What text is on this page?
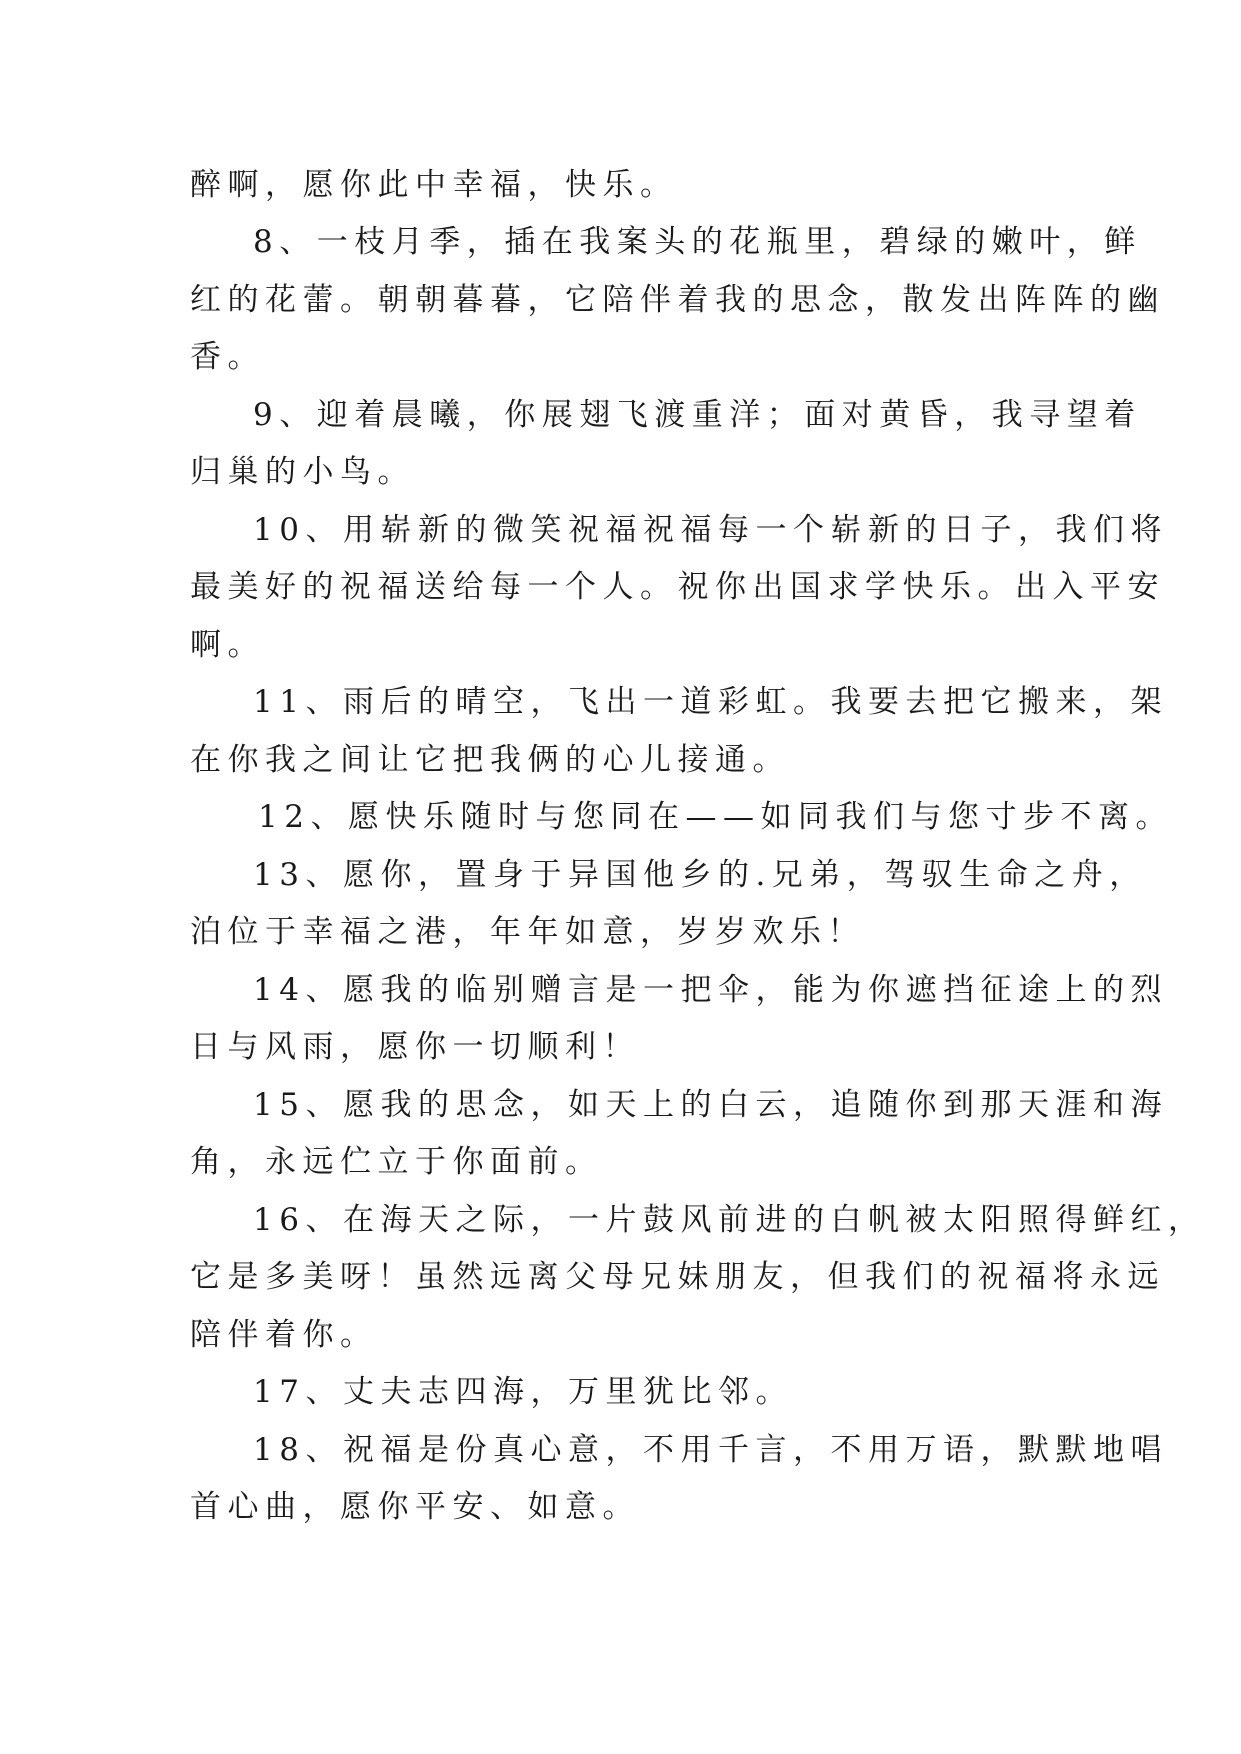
醉啊，愿你此中幸福，快乐。
8、一枝月季，插在我案头的花瓶里，碧绿的嫩叶，鲜
红的花蕾。朝朝暮暮，它陪伴着我的思念，散发出阵阵的幽
香。
9、迎着晨曦，你展翅飞渡重洋；面对黄昏，我寻望着
归巢的小鸟。
10、用崭新的微笑祝福祝福每一个崭新的日子，我们将
最美好的祝福送给每一个人。祝你出国求学快乐。出入平安
啊。
11、雨后的晴空，飞出一道彩虹。我要去把它搬来，架
在你我之间让它把我俩的心儿接通。
12、愿快乐随时与您同在——如同我们与您寸步不离。
13、愿你，置身于异国他乡的.兄弟，驾驭生命之舟，
泊位于幸福之港，年年如意，岁岁欢乐！
14、愿我的临别赠言是一把伞，能为你遮挡征途上的烈
日与风雨，愿你一切顺利！
15、愿我的思念，如天上的白云，追随你到那天涯和海
角，永远伫立于你面前。
16、在海天之际，一片鼓风前进的白帆被太阳照得鲜红，
它是多美呀！虽然远离父母兄妹朋友，但我们的祝福将永远
陪伴着你。
17、丈夫志四海，万里犹比邻。
18、祝福是份真心意，不用千言，不用万语，默默地唱
首心曲，愿你平安、如意。
